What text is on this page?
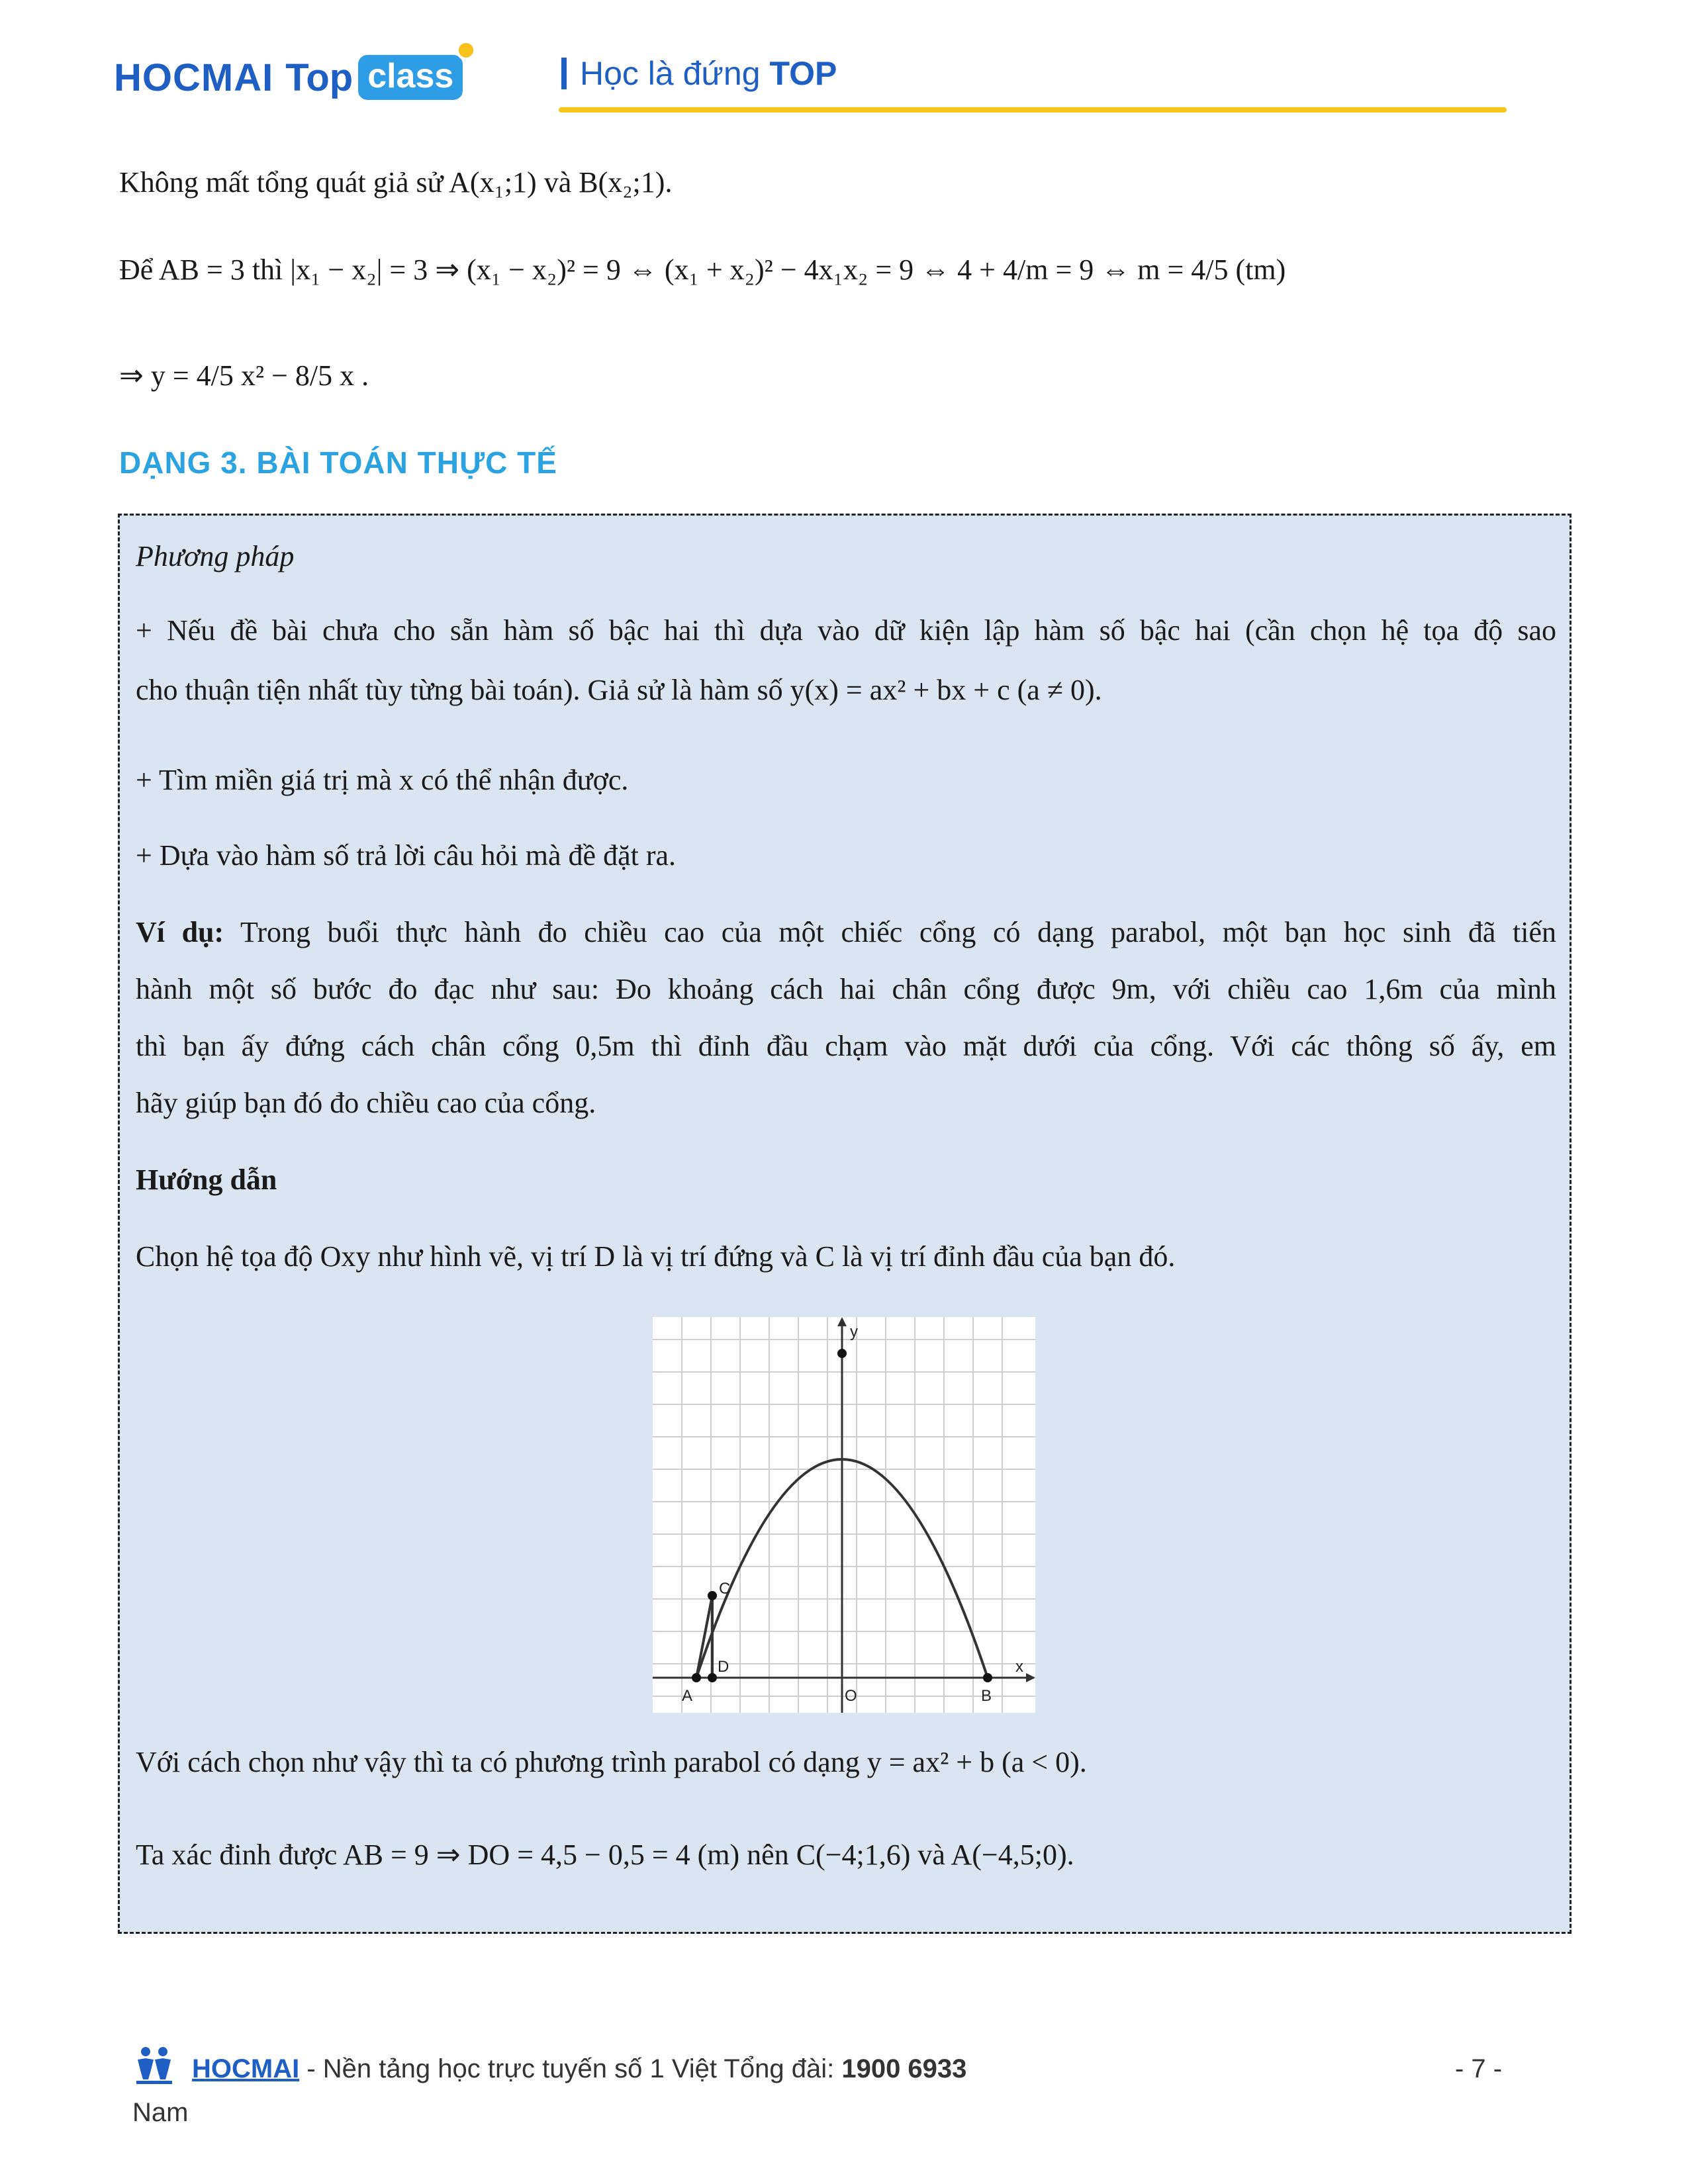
HOCMAI Top class	Học là đứng TOP
Không mất tổng quát giả sử A(x₁;1) và B(x₂;1).
Để AB = 3 thì |x₁ − x₂| = 3 ⇒ (x₁ − x₂)² = 9 ⇔ (x₁ + x₂)² − 4x₁x₂ = 9 ⇔ 4 + 4/m = 9 ⇔ m = 4/5 (tm)
⇒ y = 4/5 x² − 8/5 x .
DẠNG 3. BÀI TOÁN THỰC TẾ
Phương pháp
+ Nếu đề bài chưa cho sẵn hàm số bậc hai thì dựa vào dữ kiện lập hàm số bậc hai (cần chọn hệ tọa độ sao
cho thuận tiện nhất tùy từng bài toán). Giả sử là hàm số y(x) = ax² + bx + c (a ≠ 0).
+ Tìm miền giá trị mà x có thể nhận được.
+ Dựa vào hàm số trả lời câu hỏi mà đề đặt ra.
Ví dụ: Trong buổi thực hành đo chiều cao của một chiếc cổng có dạng parabol, một bạn học sinh đã tiến
hành một số bước đo đạc như sau: Đo khoảng cách hai chân cổng được 9m, với chiều cao 1,6m của mình
thì bạn ấy đứng cách chân cổng 0,5m thì đỉnh đầu chạm vào mặt dưới của cổng. Với các thông số ấy, em
hãy giúp bạn đó đo chiều cao của cổng.
Hướng dẫn
Chọn hệ tọa độ Oxy như hình vẽ, vị trí D là vị trí đứng và C là vị trí đỉnh đầu của bạn đó.
Với cách chọn như vậy thì ta có phương trình parabol có dạng y = ax² + b (a < 0).
Ta xác đinh được AB = 9 ⇒ DO = 4,5 − 0,5 = 4 (m) nên C(−4;1,6) và A(−4,5;0).
y
x
C
D
A	O	B
HOCMAI - Nền tảng học trực tuyến số 1 Việt Tổng đài: 1900 6933
Nam
- 7 -
